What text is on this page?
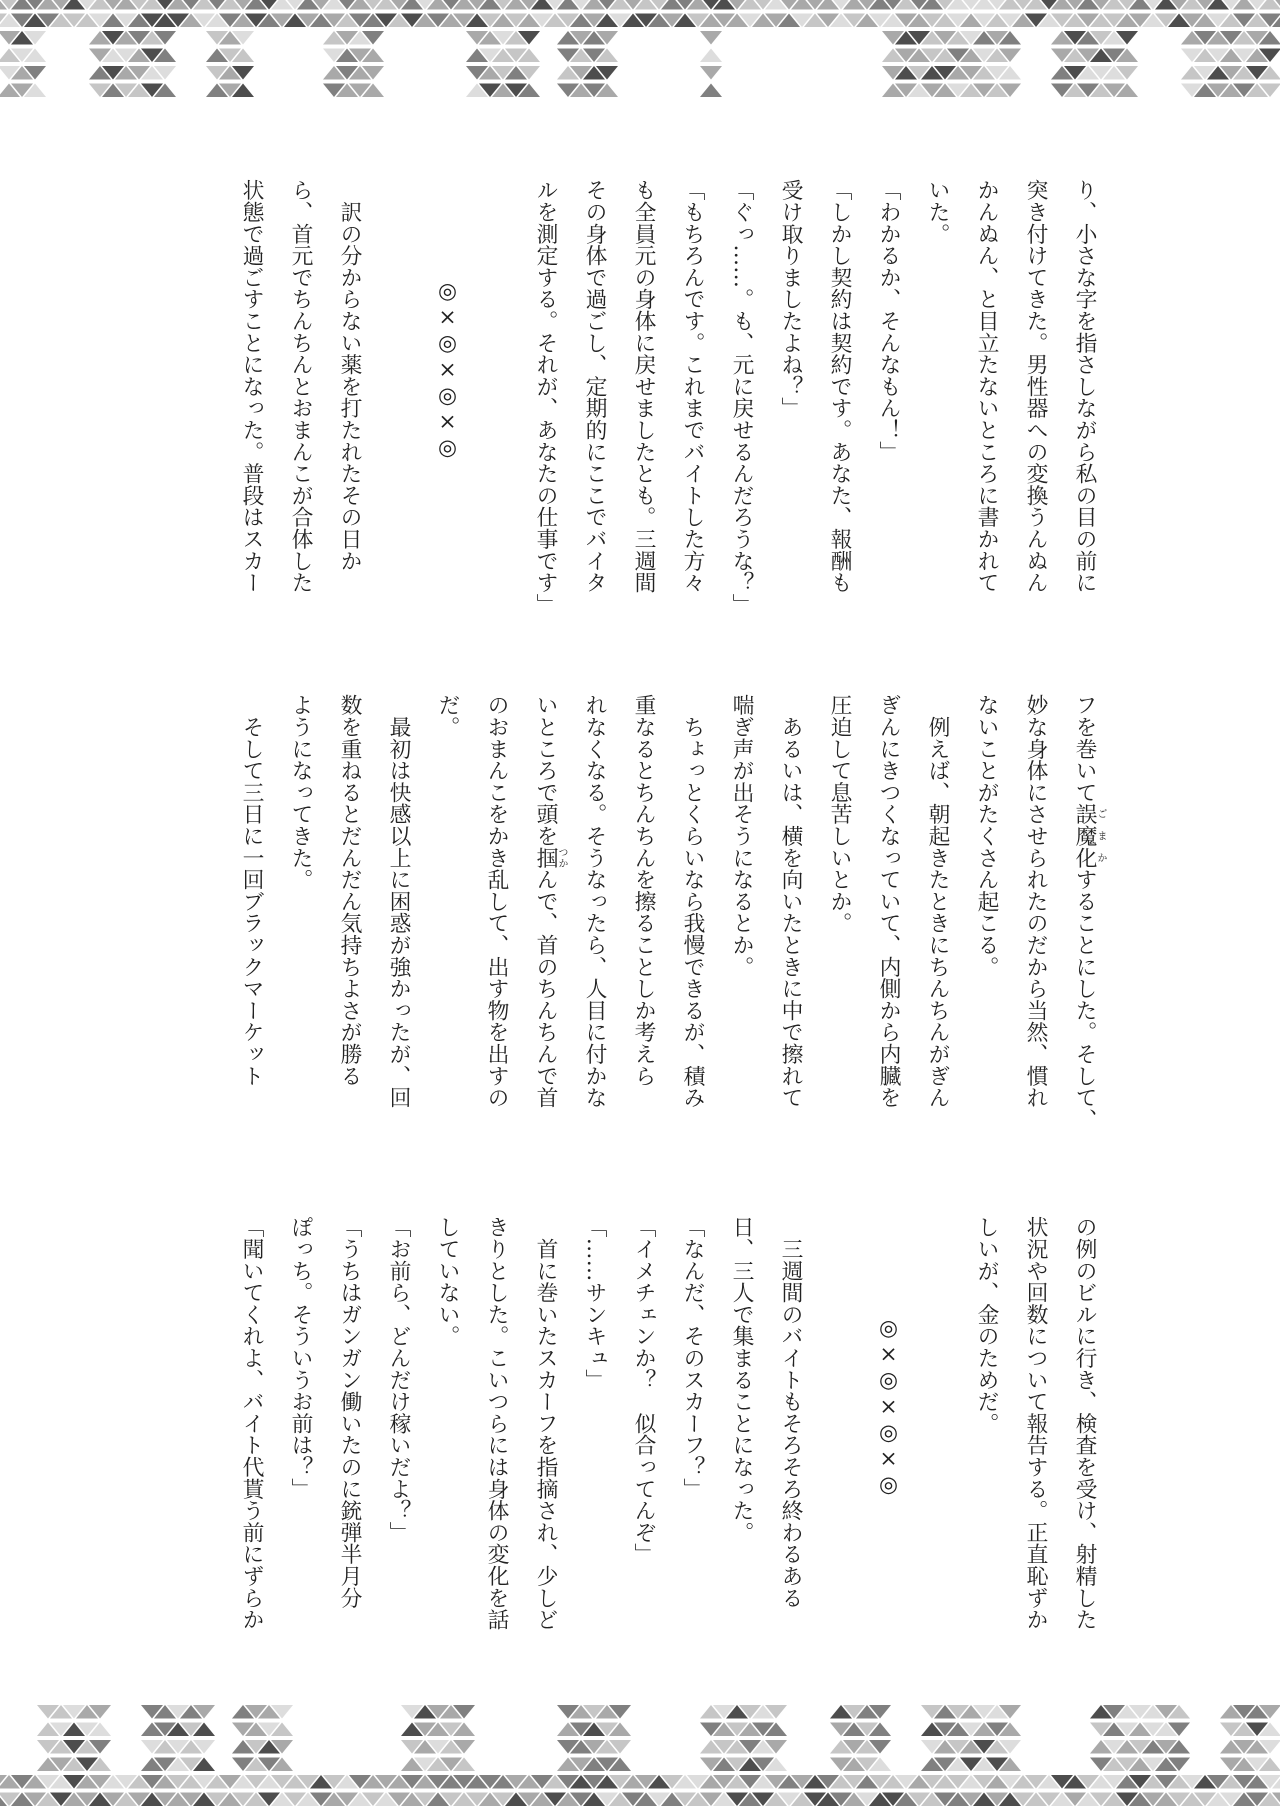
り、小さな字を指さしながら私の目の前に
突き付けてきた。男性器への変換うんぬん
かんぬん、と目立たないところに書かれて
いた。
「わかるか、そんなもん！」
「しかし契約は契約です。あなた、報酬も
受け取りましたよね？」
「ぐっ……。も、元に戻せるんだろうな？」
「もちろんです。これまでバイトした方々
も全員元の身体に戻せましたとも。三週間
その身体で過ごし、定期的にここでバイタ
ルを測定する。それが、あなたの仕事です」
◎×◎×◎×◎
　訳の分からない薬を打たれたその日か
ら、首元でちんちんとおまんこが合体した
状態で過ごすことになった。普段はスカー
フを巻いて誤魔化ごまかすることにした。そして、
妙な身体にさせられたのだから当然、慣れ
ないことがたくさん起こる。
　例えば、朝起きたときにちんちんがぎん
ぎんにきつくなっていて、内側から内臓を
圧迫して息苦しいとか。
　あるいは、横を向いたときに中で擦れて
喘ぎ声が出そうになるとか。
　ちょっとくらいなら我慢できるが、積み
重なるとちんちんを擦ることしか考えら
れなくなる。そうなったら、人目に付かな
いところで頭を掴つかんで、首のちんちんで首
のおまんこをかき乱して、出す物を出すの
だ。
　最初は快感以上に困惑が強かったが、回
数を重ねるとだんだん気持ちよさが勝る
ようになってきた。
　そして三日に一回ブラックマーケット
の例のビルに行き、検査を受け、射精した
状況や回数について報告する。正直恥ずか
しいが、金のためだ。
◎×◎×◎×◎
　三週間のバイトもそろそろ終わるある
日、三人で集まることになった。
「なんだ、そのスカーフ？」
「イメチェンか？　似合ってんぞ」
「……サンキュ」
　首に巻いたスカーフを指摘され、少しど
きりとした。こいつらには身体の変化を話
していない。
「お前ら、どんだけ稼いだよ？」
「うちはガンガン働いたのに銃弾半月分
ぽっち。そういうお前は？」
「聞いてくれよ、バイト代貰う前にずらか
